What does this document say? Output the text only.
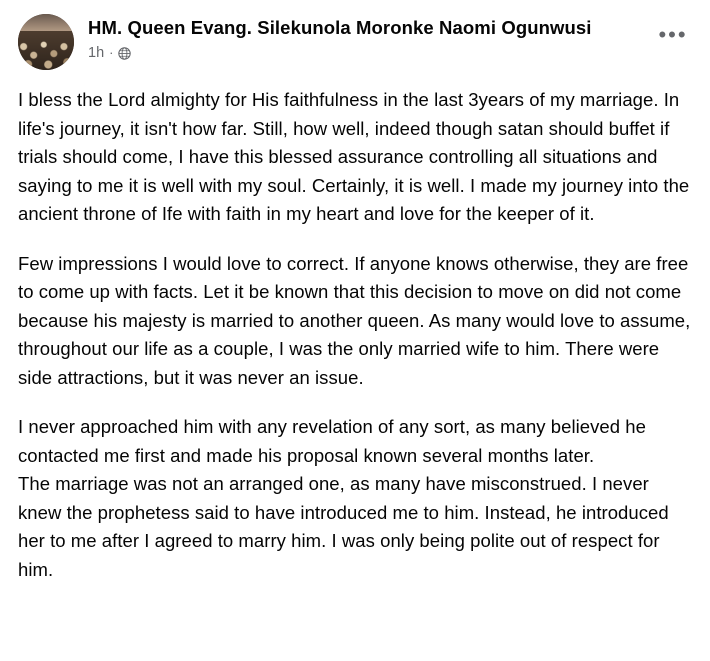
HM. Queen Evang. Silekunola Moronke Naomi Ogunwusi
1h ·
•••

I bless the Lord almighty for His faithfulness in the last 3years of my marriage. In life's journey, it isn't how far. Still, how well, indeed though satan should buffet if trials should come, I have this blessed assurance controlling all situations and saying to me it is well with my soul. Certainly, it is well. I made my journey into the ancient throne of Ife with faith in my heart and love for the keeper of it.

Few impressions I would love to correct. If anyone knows otherwise, they are free to come up with facts. Let it be known that this decision to move on did not come because his majesty is married to another queen. As many would love to assume, throughout our life as a couple, I was the only married wife to him. There were side attractions, but it was never an issue.

I never approached him with any revelation of any sort, as many believed he contacted me first and made his proposal known several months later.

The marriage was not an arranged one, as many have misconstrued. I never knew the prophetess said to have introduced me to him. Instead, he introduced her to me after I agreed to marry him. I was only being polite out of respect for him.
